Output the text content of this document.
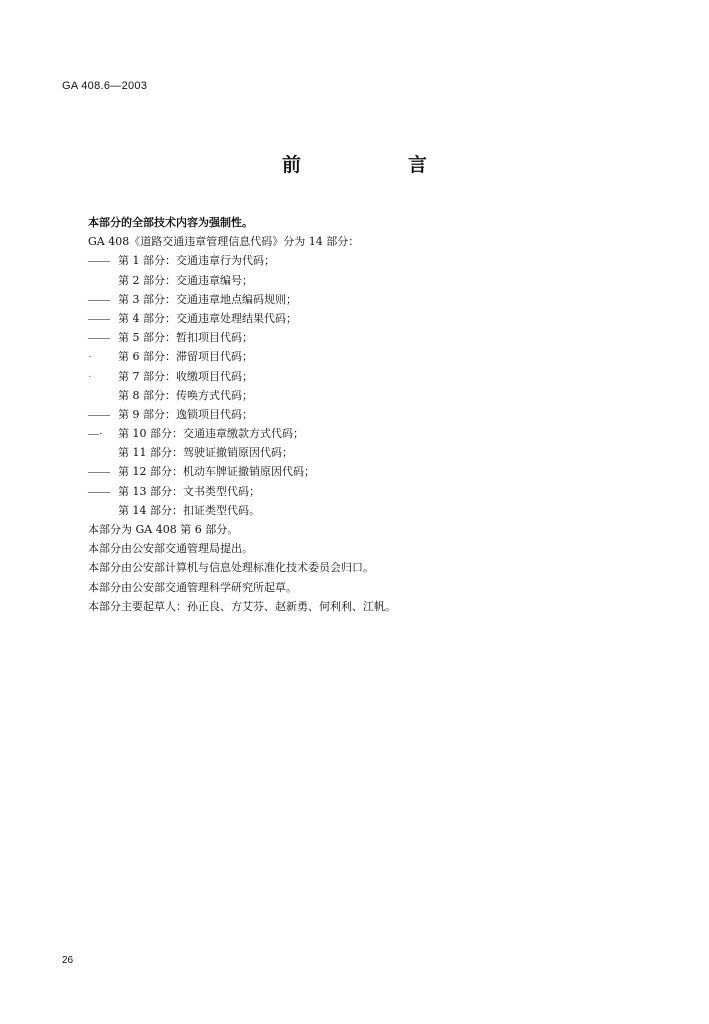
GA 408.6—2003
前　言
本部分的全部技术内容为强制性。
GA 408《道路交通违章管理信息代码》分为 14 部分：
—— 第 1 部分：交通违章行为代码；
第 2 部分：交通违章编号；
—— 第 3 部分：交通违章地点编码规则；
—— 第 4 部分：交通违章处理结果代码；
—— 第 5 部分：暂扣项目代码；
·	第 6 部分：滞留项目代码；
·	第 7 部分：收缴项目代码；
第 8 部分：传唤方式代码；
—— 第 9 部分：逸锁项目代码；
—·	第 10 部分：交通违章缴款方式代码；
第 11 部分：驾驶证撤销原因代码；
—— 第 12 部分：机动车牌证撤销原因代码；
—— 第 13 部分：文书类型代码；
第 14 部分：扣证类型代码。
本部分为 GA 408 第 6 部分。
本部分由公安部交通管理局提出。
本部分由公安部计算机与信息处理标准化技术委员会归口。
本部分由公安部交通管理科学研究所起草。
本部分主要起草人：孙正良、方艾芬、赵新勇、何利利、江帆。
26
